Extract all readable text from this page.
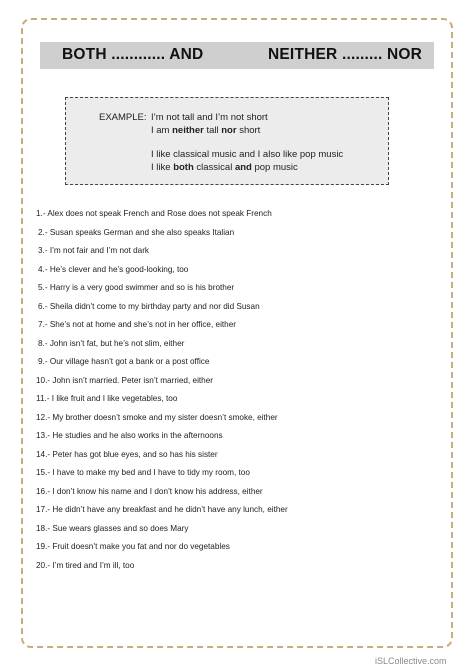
BOTH ............ AND	NEITHER ......... NOR
EXAMPLE: I’m not tall and I’m not short
I am neither tall nor short
I like classical music and I also like pop music
I like both classical and pop music
1.- Alex does not speak French and Rose does not speak French
2.- Susan speaks German and she also speaks Italian
3.- I’m not fair and I’m not dark
4.- He’s clever and he’s good-looking, too
5.- Harry is a very good swimmer and so is his brother
6.- Sheila didn’t come to my birthday party and nor did Susan
7.- She’s not at home and she’s not in her office, either
8.- John isn’t fat, but he’s not slim, either
9.- Our village hasn’t got a bank or a post office
10.- John isn’t married. Peter isn’t married, either
11.- I like fruit and I like vegetables, too
12.- My brother doesn’t smoke and my sister doesn’t smoke, either
13.- He studies and he also works in the afternoons
14.- Peter has got blue eyes, and so has his sister
15.- I have to make my bed and I have to tidy my room, too
16.- I don’t know his name and I don’t know his address, either
17.- He didn’t have any breakfast and he didn’t have any lunch, either
18.- Sue wears glasses and so does Mary
19.- Fruit doesn’t make you fat and nor do vegetables
20.- I’m tired and I’m ill, too
iSLCollective.com
